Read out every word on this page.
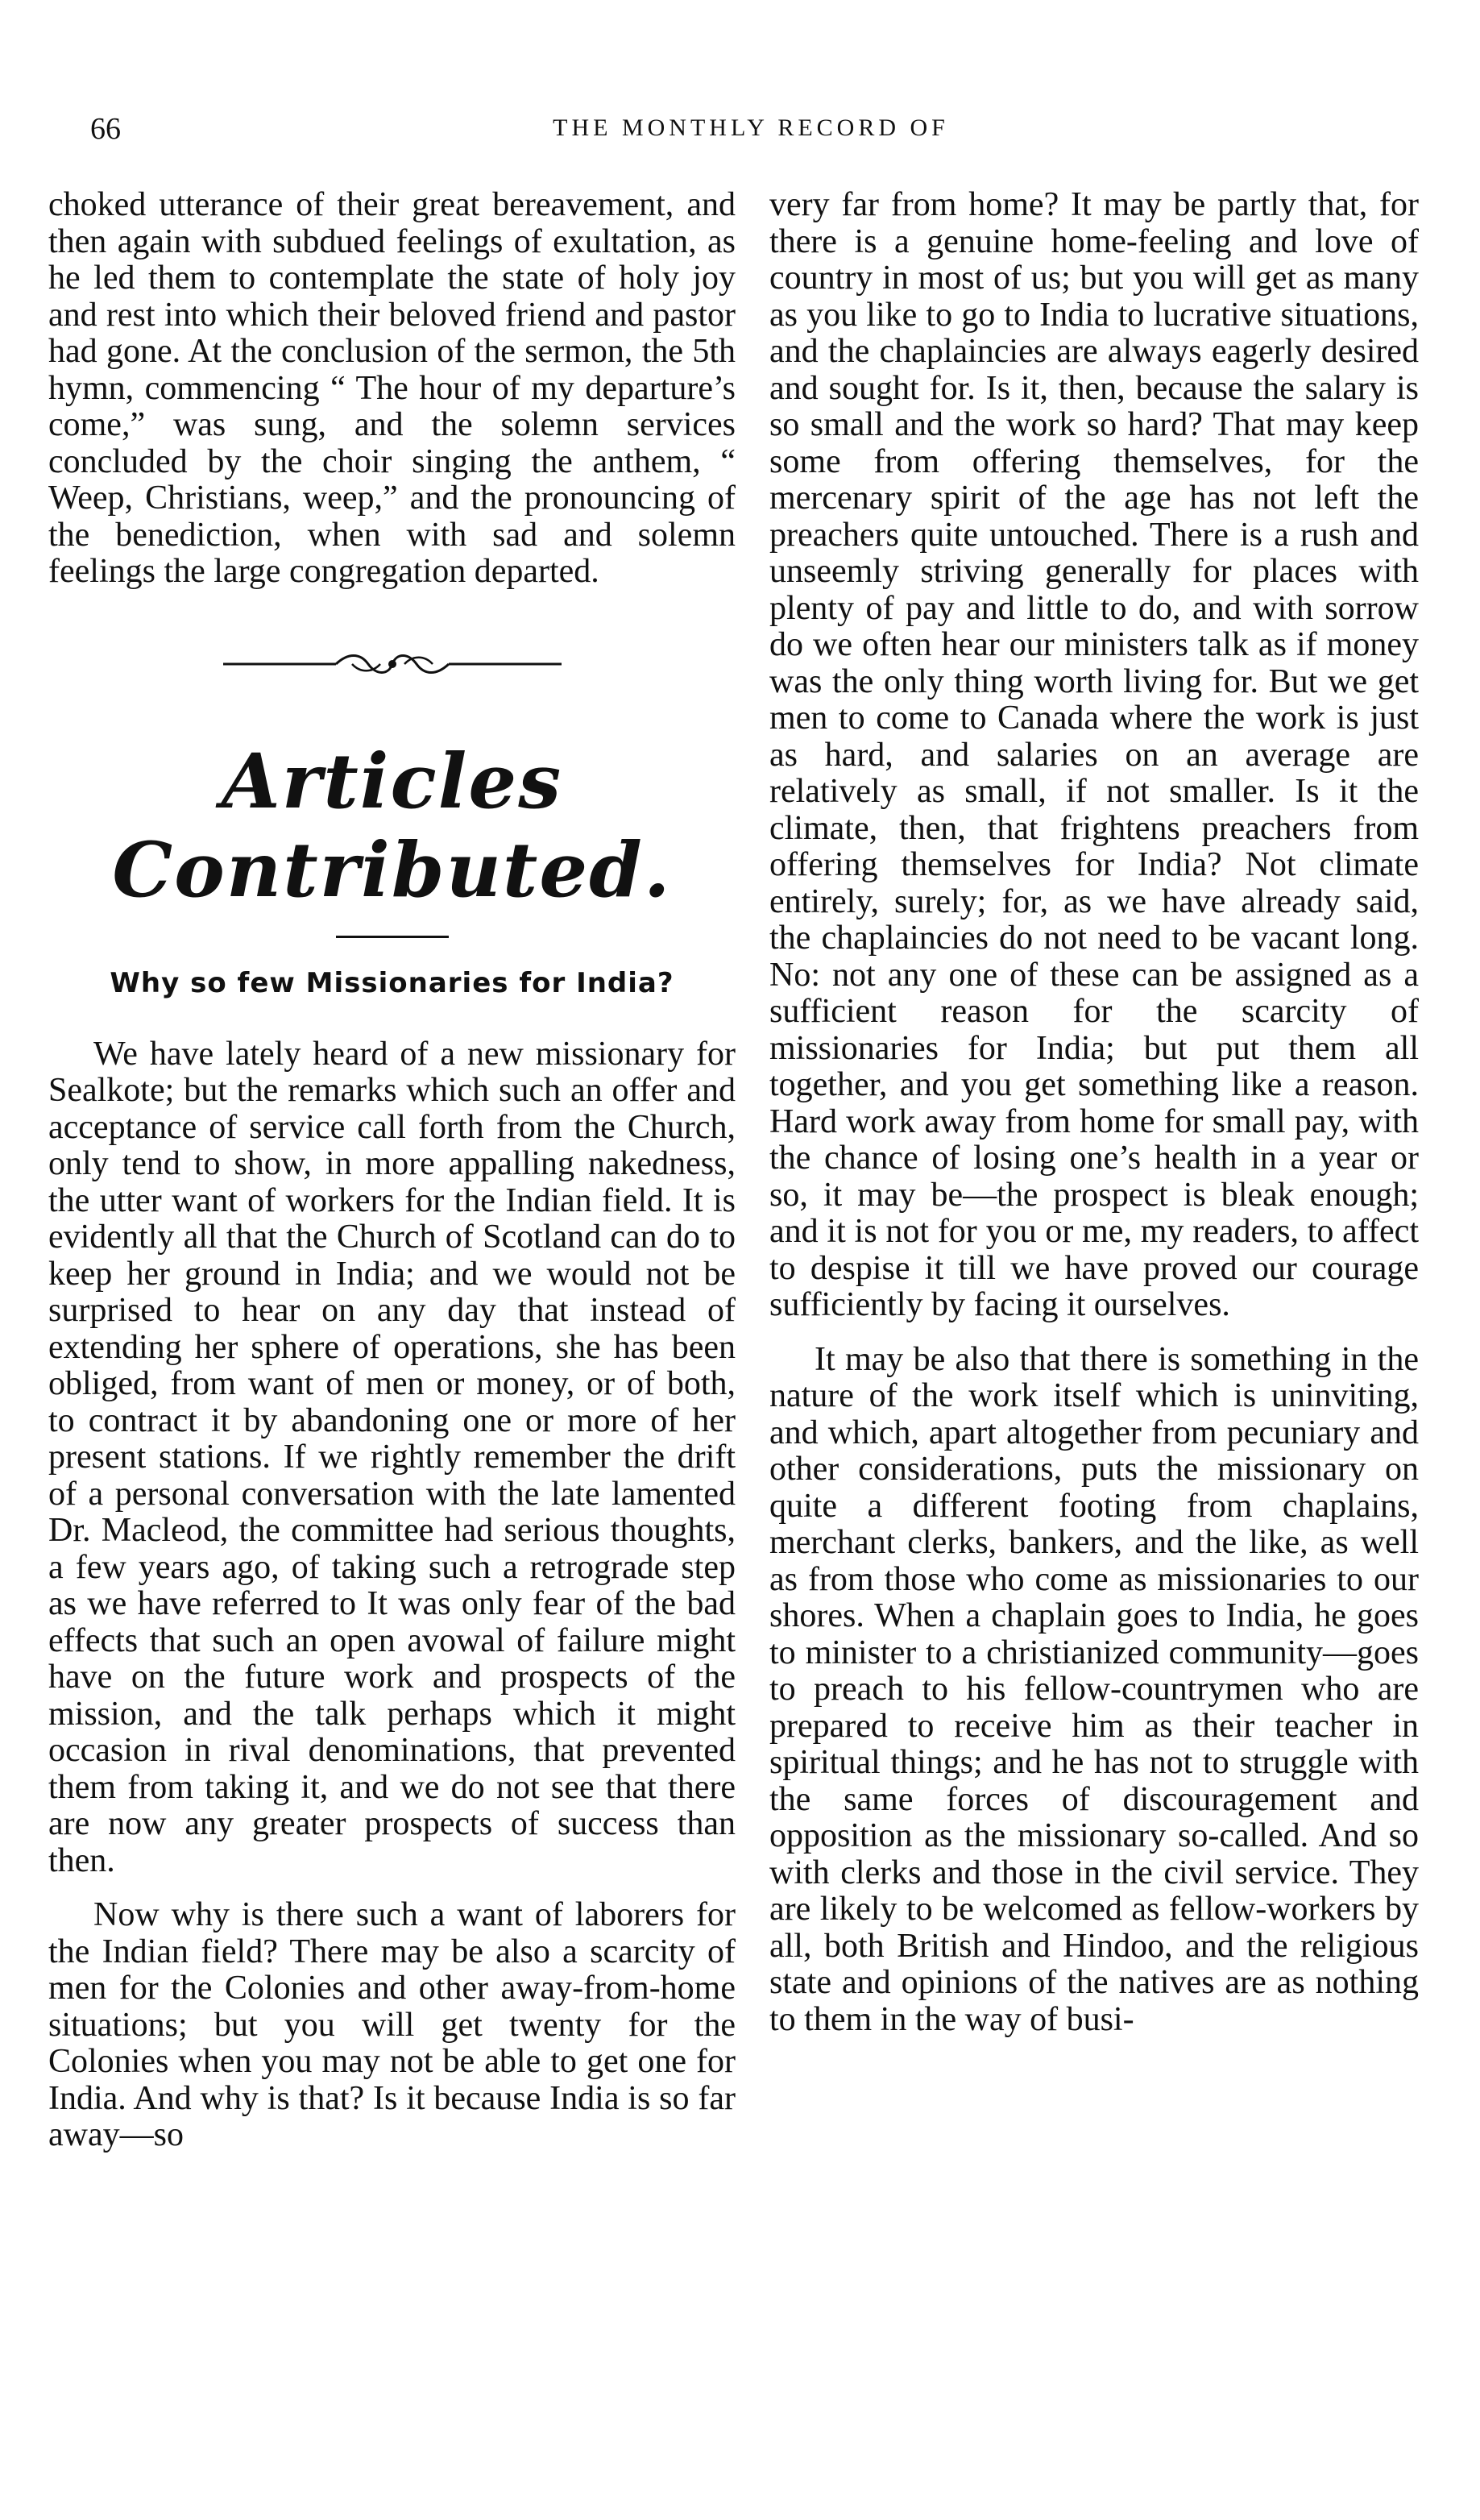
66	THE MONTHLY RECORD OF

choked utterance of their great bereavement, and then again with subdued feelings of exultation, as he led them to contemplate the state of holy joy and rest into which their beloved friend and pastor had gone. At the conclusion of the sermon, the 5th hymn, commencing “ The hour of my departure’s come,” was sung, and the solemn services concluded by the choir singing the anthem, “ Weep, Christians, weep,” and the pronouncing of the benediction, when with sad and solemn feelings the large congregation departed.

Articles Contributed.
Why so few Missionaries for India?

We have lately heard of a new missionary for Sealkote; but the remarks which such an offer and acceptance of service call forth from the Church, only tend to show, in more appalling nakedness, the utter want of workers for the Indian field. It is evidently all that the Church of Scotland can do to keep her ground in India; and we would not be surprised to hear on any day that instead of extending her sphere of operations, she has been obliged, from want of men or money, or of both, to contract it by abandoning one or more of her present stations. If we rightly remember the drift of a personal conversation with the late lamented Dr. Macleod, the committee had serious thoughts, a few years ago, of taking such a retrograde step as we have referred to It was only fear of the bad effects that such an open avowal of failure might have on the future work and prospects of the mission, and the talk perhaps which it might occasion in rival denominations, that prevented them from taking it, and we do not see that there are now any greater prospects of success than then.

Now why is there such a want of laborers for the Indian field? There may be also a scarcity of men for the Colonies and other away-from-home situations; but you will get twenty for the Colonies when you may not be able to get one for India. And why is that? Is it because India is so far away—so

very far from home? It may be partly that, for there is a genuine home-feeling and love of country in most of us; but you will get as many as you like to go to India to lucrative situations, and the chaplaincies are always eagerly desired and sought for. Is it, then, because the salary is so small and the work so hard? That may keep some from offering themselves, for the mercenary spirit of the age has not left the preachers quite untouched. There is a rush and unseemly striving generally for places with plenty of pay and little to do, and with sorrow do we often hear our ministers talk as if money was the only thing worth living for. But we get men to come to Canada where the work is just as hard, and salaries on an average are relatively as small, if not smaller. Is it the climate, then, that frightens preachers from offering themselves for India? Not climate entirely, surely; for, as we have already said, the chaplaincies do not need to be vacant long. No: not any one of these can be assigned as a sufficient reason for the scarcity of missionaries for India; but put them all together, and you get something like a reason. Hard work away from home for small pay, with the chance of losing one’s health in a year or so, it may be—the prospect is bleak enough; and it is not for you or me, my readers, to affect to despise it till we have proved our courage sufficiently by facing it ourselves.

It may be also that there is something in the nature of the work itself which is uninviting, and which, apart altogether from pecuniary and other considerations, puts the missionary on quite a different footing from chaplains, merchant clerks, bankers, and the like, as well as from those who come as missionaries to our shores. When a chaplain goes to India, he goes to minister to a christianized community—goes to preach to his fellow-countrymen who are prepared to receive him as their teacher in spiritual things; and he has not to struggle with the same forces of discouragement and opposition as the missionary so-called. And so with clerks and those in the civil service. They are likely to be welcomed as fellow-workers by all, both British and Hindoo, and the religious state and opinions of the natives are as nothing to them in the way of busi-
